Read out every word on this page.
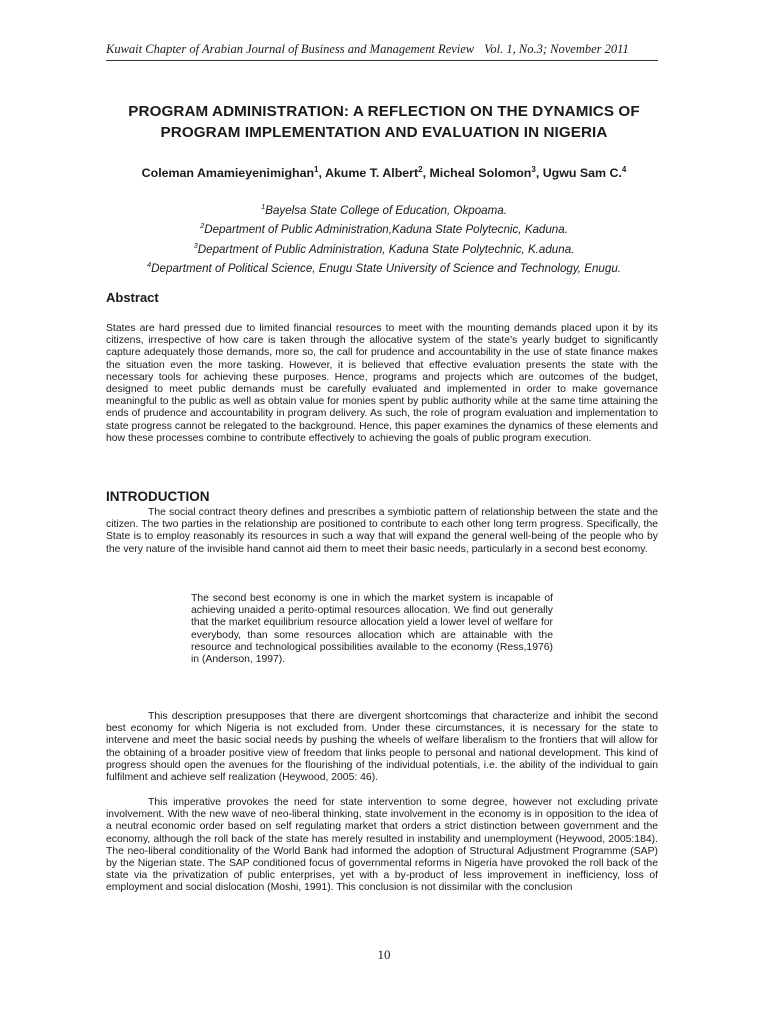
Kuwait Chapter of Arabian Journal of Business and Management Review Vol. 1, No.3; November 2011
PROGRAM ADMINISTRATION: A REFLECTION ON THE DYNAMICS OF
PROGRAM IMPLEMENTATION AND EVALUATION IN NIGERIA
Coleman Amamieyenimighan$^1$, Akume T. Albert$^2$, Micheal Solomon$^3$, Ugwu Sam C.$^4$
$^1$Bayelsa State College of Education, Okpoama.
$^2$Department of Public Administration,Kaduna State Polytecnic, Kaduna.
$^3$Department of Public Administration, Kaduna State Polytechnic, K.aduna.
$^4$Department of Political Science, Enugu State University of Science and Technology, Enugu.
Abstract

States are hard pressed due to limited financial resources to meet with the mounting demands placed upon it by its citizens, irrespective of how care is taken through the allocative system of the state’s yearly budget to significantly capture adequately those demands, more so, the call for prudence and accountability in the use of state finance makes the situation even the more tasking. However, it is believed that effective evaluation presents the state with the necessary tools for achieving these purposes. Hence, programs and projects which are outcomes of the budget, designed to meet public demands must be carefully evaluated and implemented in order to make governance meaningful to the public as well as obtain value for monies spent by public authority while at the same time attaining the ends of prudence and accountability in program delivery. As such, the role of program evaluation and implementation to state progress cannot be relegated to the background. Hence, this paper examines the dynamics of these elements and how these processes combine to contribute effectively to achieving the goals of public program execution.

INTRODUCTION

The social contract theory defines and prescribes a symbiotic pattern of relationship between the state and the citizen. The two parties in the relationship are positioned to contribute to each other long term progress. Specifically, the State is to employ reasonably its resources in such a way that will expand the general well-being of the people who by the very nature of the invisible hand cannot aid them to meet their basic needs, particularly in a second best economy.

The second best economy is one in which the market system is incapable of achieving unaided a perito-optimal resources allocation. We find out generally that the market equilibrium resource allocation yield a lower level of welfare for everybody, than some resources allocation which are attainable with the resource and technological possibilities available to the economy (Ress,1976) in (Anderson, 1997).

This description presupposes that there are divergent shortcomings that characterize and inhibit the second best economy for which Nigeria is not excluded from. Under these circumstances, it is necessary for the state to intervene and meet the basic social needs by pushing the wheels of welfare liberalism to the frontiers that will allow for the obtaining of a broader positive view of freedom that links people to personal and national development. This kind of progress should open the avenues for the flourishing of the individual potentials, i.e. the ability of the individual to gain fulfilment and achieve self realization (Heywood, 2005: 46).

This imperative provokes the need for state intervention to some degree, however not excluding private involvement. With the new wave of neo-liberal thinking, state involvement in the economy is in opposition to the idea of a neutral economic order based on self regulating market that orders a strict distinction between government and the economy, although the roll back of the state has merely resulted in instability and unemployment (Heywood, 2005:184). The neo-liberal conditionality of the World Bank had informed the adoption of Structural Adjustment Programme (SAP) by the Nigerian state. The SAP conditioned focus of governmental reforms in Nigeria have provoked the roll back of the state via the privatization of public enterprises, yet with a by-product of less improvement in inefficiency, loss of employment and social dislocation (Moshi, 1991). This conclusion is not dissimilar with the conclusion

10
